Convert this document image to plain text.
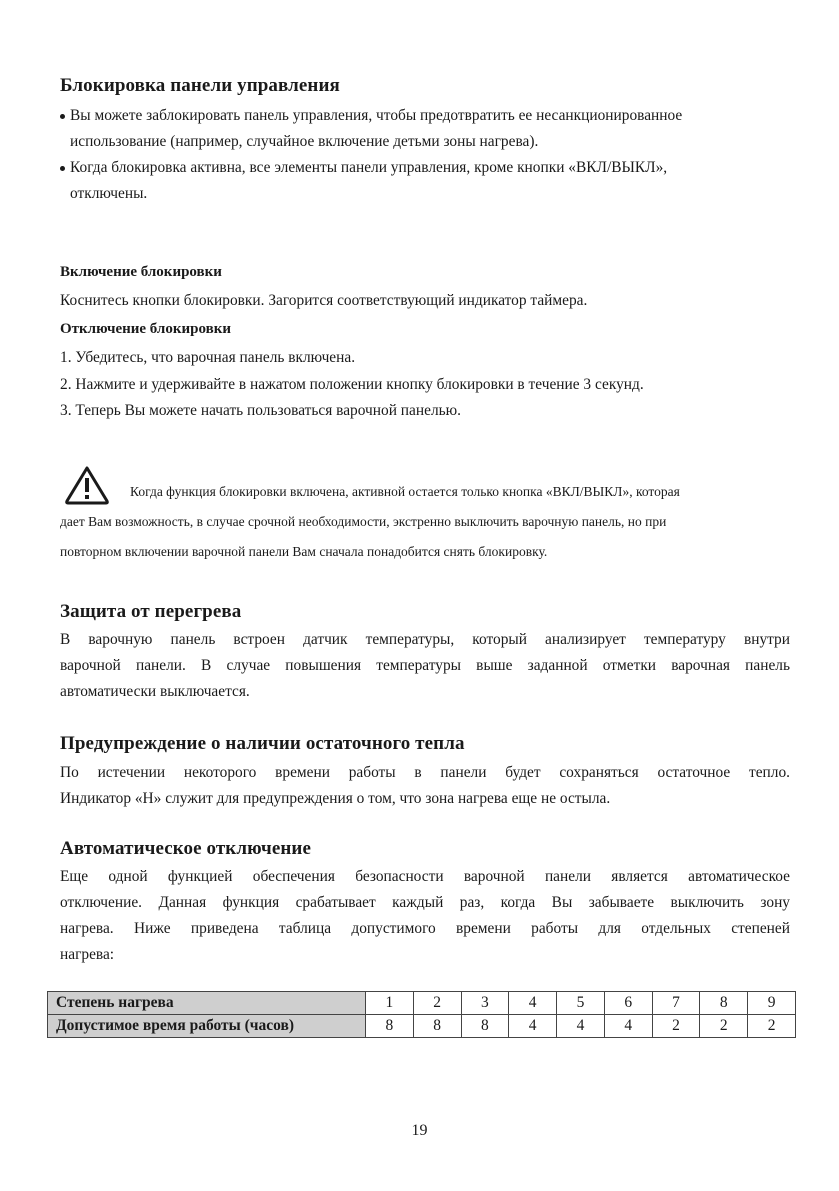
Блокировка панели управления
Вы можете заблокировать панель управления, чтобы предотвратить ее несанкционированное
использование (например, случайное включение детьми зоны нагрева).
Когда блокировка активна, все элементы панели управления, кроме кнопки «ВКЛ/ВЫКЛ»,
отключены.
Включение блокировки
Коснитесь кнопки блокировки. Загорится соответствующий индикатор таймера.
Отключение блокировки
1. Убедитесь, что варочная панель включена.
2. Нажмите и удерживайте в нажатом положении кнопку блокировки в течение 3 секунд.
3. Теперь Вы можете начать пользоваться варочной панелью.
Когда функция блокировки включена, активной остается только кнопка «ВКЛ/ВЫКЛ», которая
дает Вам возможность, в случае срочной необходимости, экстренно выключить варочную панель, но при
повторном включении варочной панели Вам сначала понадобится снять блокировку.
Защита от перегрева
В варочную панель встроен датчик температуры, который анализирует температуру внутри
варочной панели. В случае повышения температуры выше заданной отметки варочная панель
автоматически выключается.
Предупреждение о наличии остаточного тепла
По истечении некоторого времени работы в панели будет сохраняться остаточное тепло.
Индикатор «H» служит для предупреждения о том, что зона нагрева еще не остыла.
Автоматическое отключение
Еще одной функцией обеспечения безопасности варочной панели является автоматическое
отключение. Данная функция срабатывает каждый раз, когда Вы забываете выключить зону
нагрева. Ниже приведена таблица допустимого времени работы для отдельных степеней
нагрева:
Степень нагрева	1	2	3	4	5	6	7	8	9
Допустимое время работы (часов)	8	8	8	4	4	4	2	2	2
19
